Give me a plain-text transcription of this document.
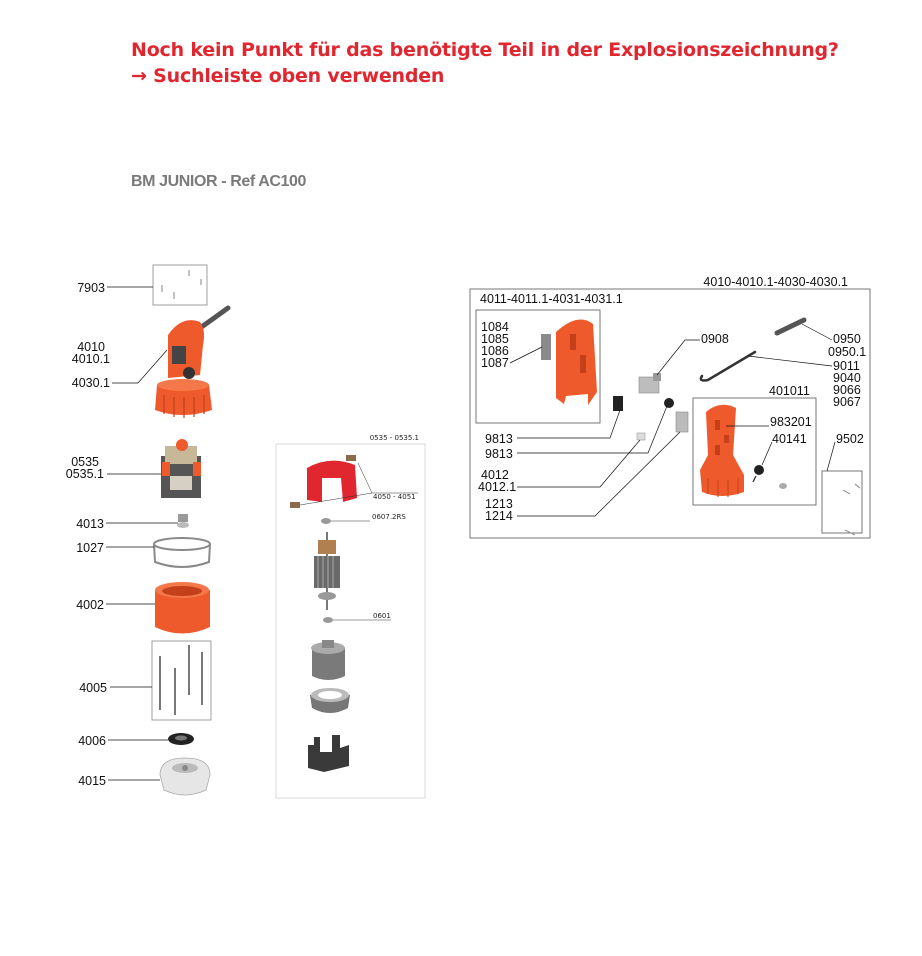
Noch kein Punkt für das benötigte Teil in der Explosionszeichnung?
→ Suchleiste oben verwenden
BM JUNIOR - Ref AC100
7903
4010
4010.1
4030.1
0535
0535.1
4013
1027
4002
4005
4006
4015
0535 - 0535.1
4050 - 4051
0607.2RS
0601
4010-4010.1-4030-4030.1
4011-4011.1-4031-4031.1
1084
1085
1086
1087
0908	0950
0950.1
9011
9040
9066
9067
401011
983201
40141 9502
9813
9813
4012
4012.1
1213
1214
